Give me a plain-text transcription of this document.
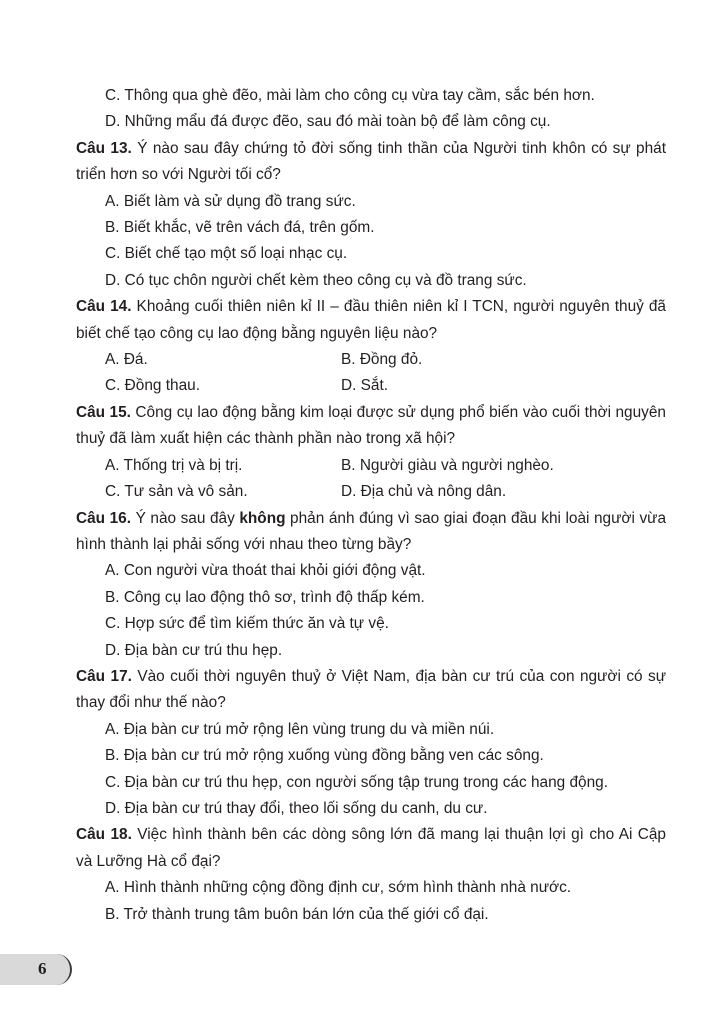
C. Thông qua ghè đẽo, mài làm cho công cụ vừa tay cầm, sắc bén hơn.
D. Những mẩu đá được đẽo, sau đó mài toàn bộ để làm công cụ.
Câu 13. Ý nào sau đây chứng tỏ đời sống tinh thần của Người tinh khôn có sự phát triển hơn so với Người tối cổ?
A. Biết làm và sử dụng đồ trang sức.
B. Biết khắc, vẽ trên vách đá, trên gốm.
C. Biết chế tạo một số loại nhạc cụ.
D. Có tục chôn người chết kèm theo công cụ và đồ trang sức.
Câu 14. Khoảng cuối thiên niên kỉ II – đầu thiên niên kỉ I TCN, người nguyên thuỷ đã biết chế tạo công cụ lao động bằng nguyên liệu nào?
A. Đá.	B. Đồng đỏ.
C. Đồng thau.	D. Sắt.
Câu 15. Công cụ lao động bằng kim loại được sử dụng phổ biến vào cuối thời nguyên thuỷ đã làm xuất hiện các thành phần nào trong xã hội?
A. Thống trị và bị trị.	B. Người giàu và người nghèo.
C. Tư sản và vô sản.	D. Địa chủ và nông dân.
Câu 16. Ý nào sau đây không phản ánh đúng vì sao giai đoạn đầu khi loài người vừa hình thành lại phải sống với nhau theo từng bầy?
A. Con người vừa thoát thai khỏi giới động vật.
B. Công cụ lao động thô sơ, trình độ thấp kém.
C. Hợp sức để tìm kiếm thức ăn và tự vệ.
D. Địa bàn cư trú thu hẹp.
Câu 17. Vào cuối thời nguyên thuỷ ở Việt Nam, địa bàn cư trú của con người có sự thay đổi như thế nào?
A. Địa bàn cư trú mở rộng lên vùng trung du và miền núi.
B. Địa bàn cư trú mở rộng xuống vùng đồng bằng ven các sông.
C. Địa bàn cư trú thu hẹp, con người sống tập trung trong các hang động.
D. Địa bàn cư trú thay đổi, theo lối sống du canh, du cư.
Câu 18. Việc hình thành bên các dòng sông lớn đã mang lại thuận lợi gì cho Ai Cập và Lưỡng Hà cổ đại?
A. Hình thành những cộng đồng định cư, sớm hình thành nhà nước.
B. Trở thành trung tâm buôn bán lớn của thế giới cổ đại.
6
